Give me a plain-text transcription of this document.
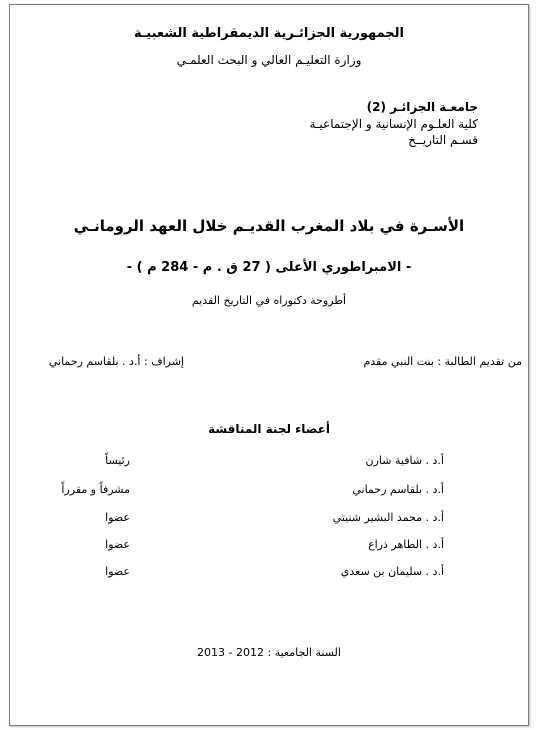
الجمهورية الجزائـرية الديمقراطية الشعبيـة
وزارة التعليـم العالي و البحث العلمـي
جامعـة الجزائـر (2)
كلية العلـوم الإنسانية و الإجتماعيـة
قسـم التاريــخ
الأسـرة في بلاد المغرب القديـم خلال العهد الرومانـي
- الامبراطوري الأعلى ( 27 ق . م - 284 م ) -
أطروحة دكتوراه في التاريخ القديم
من تقديم الطالبة : بنت النبي مقدم
إشراف : أ.د . بلقاسم رحماني
أعضاء لجنة المناقشة
أ.د . شافية شارن
رئيساً
أ.د . بلقاسم رحماني
مشرفاً و مقرراً
أ.د . محمد البشير شنيتي
عضوا
أ.د . الطاهر ذراع
عضوا
أ.د . سليمان بن سعدي
عضوا
السنة الجامعية : 2012 - 2013
